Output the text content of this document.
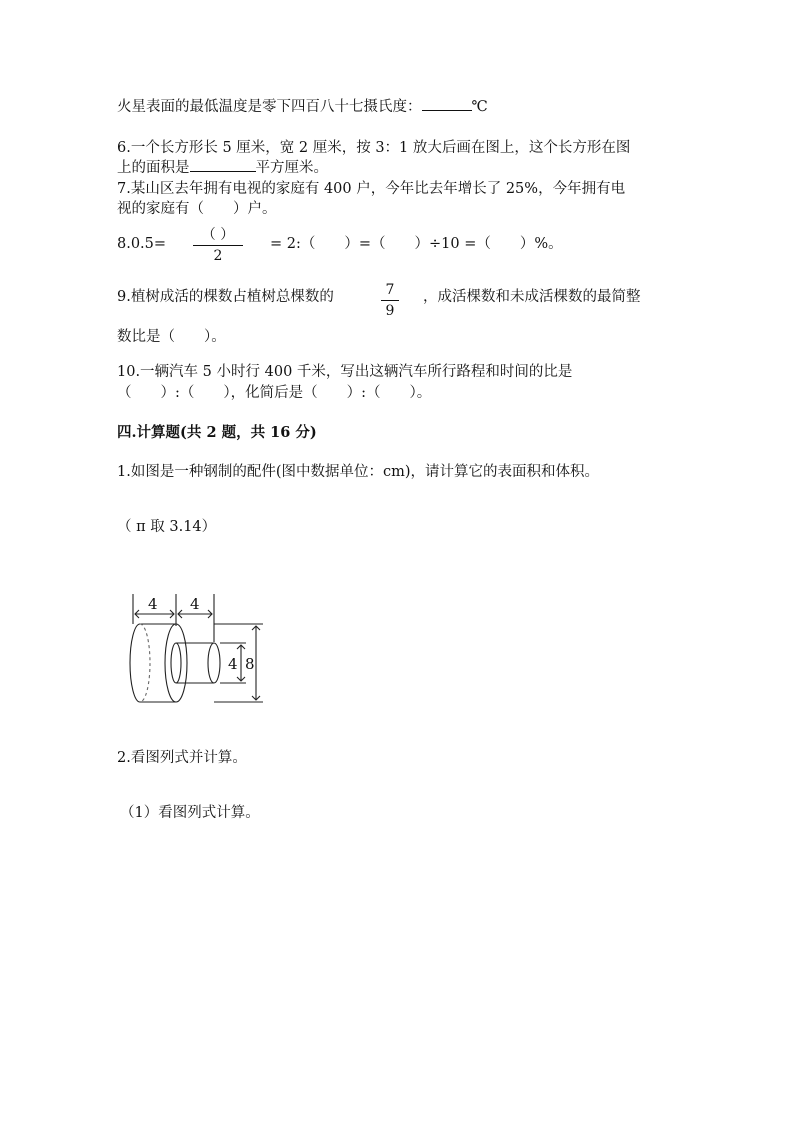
火星表面的最低温度是零下四百八十七摄氏度：	℃
6.一个长方形长 5 厘米，宽 2 厘米，按 3：1 放大后画在图上，这个长方形在图
上的面积是	平方厘米。
7.某山区去年拥有电视的家庭有 400 户，今年比去年增长了 25%，今年拥有电
视的家庭有（　　）户。
8.0.5=
（ ）
2
= 2:（　　）=（　　）÷10 =（　　）%。
9.植树成活的棵数占植树总棵数的	7
9
，成活棵数和未成活棵数的最简整
数比是（　　）。
10.一辆汽车 5 小时行 400 千米，写出这辆汽车所行路程和时间的比是
（　　）:（　　），化简后是（　　）:（　　）。
四.计算题(共 2 题，共 16 分)
1.如图是一种钢制的配件(图中数据单位：cm)，请计算它的表面积和体积。
（ π 取 3.14）
4 4
4 8
2.看图列式并计算。
（1）看图列式计算。
